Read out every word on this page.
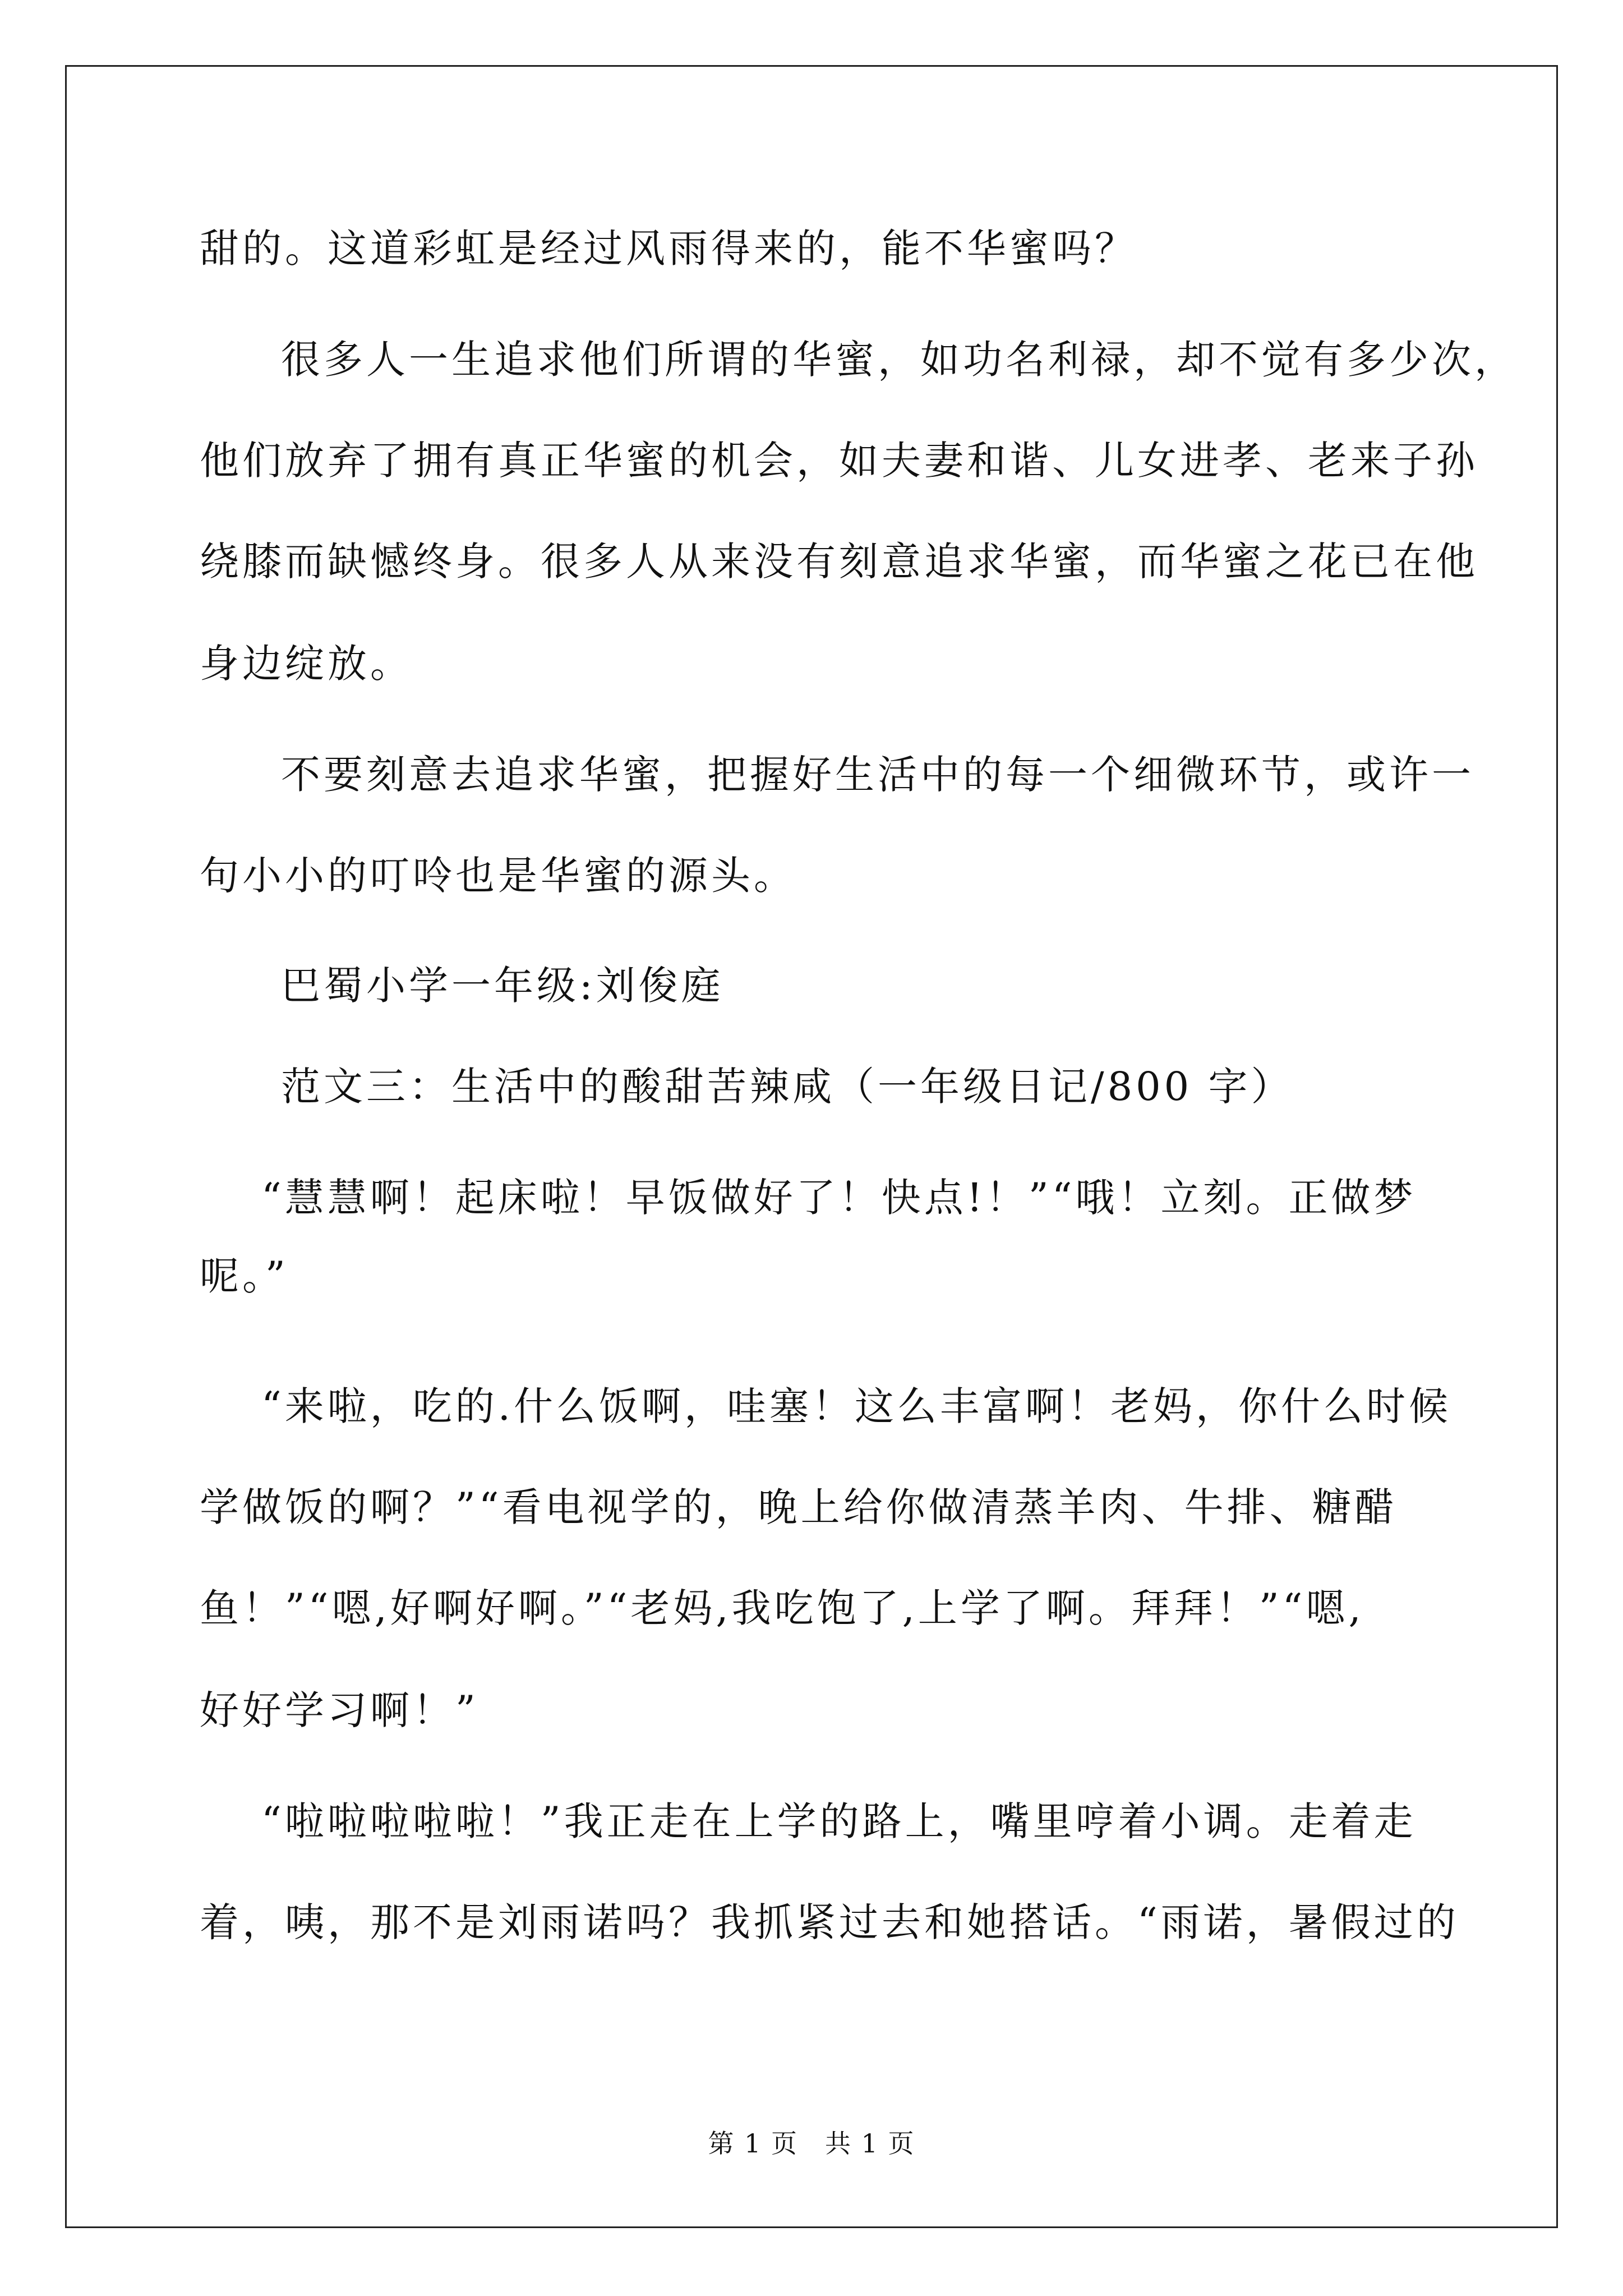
甜的。这道彩虹是经过风雨得来的，能不华蜜吗？
很多人一生追求他们所谓的华蜜，如功名利禄，却不觉有多少次，
他们放弃了拥有真正华蜜的机会，如夫妻和谐、儿女进孝、老来子孙
绕膝而缺憾终身。很多人从来没有刻意追求华蜜，而华蜜之花已在他
身边绽放。
不要刻意去追求华蜜，把握好生活中的每一个细微环节，或许一
句小小的叮呤也是华蜜的源头。
巴蜀小学一年级:刘俊庭
范文三：生活中的酸甜苦辣咸（一年级日记/800 字）
“慧慧啊！起床啦！早饭做好了！快点!！”“哦！立刻。正做梦
呢。”
“来啦，吃的.什么饭啊，哇塞！这么丰富啊！老妈，你什么时候
学做饭的啊？”“看电视学的，晚上给你做清蒸羊肉、牛排、糖醋
鱼！”“嗯,好啊好啊。”“老妈,我吃饱了,上学了啊。拜拜！”“嗯,
好好学习啊！”
“啦啦啦啦啦！”我正走在上学的路上，嘴里哼着小调。走着走
着，咦，那不是刘雨诺吗？我抓紧过去和她搭话。“雨诺，暑假过的
第 1 页　共 1 页
